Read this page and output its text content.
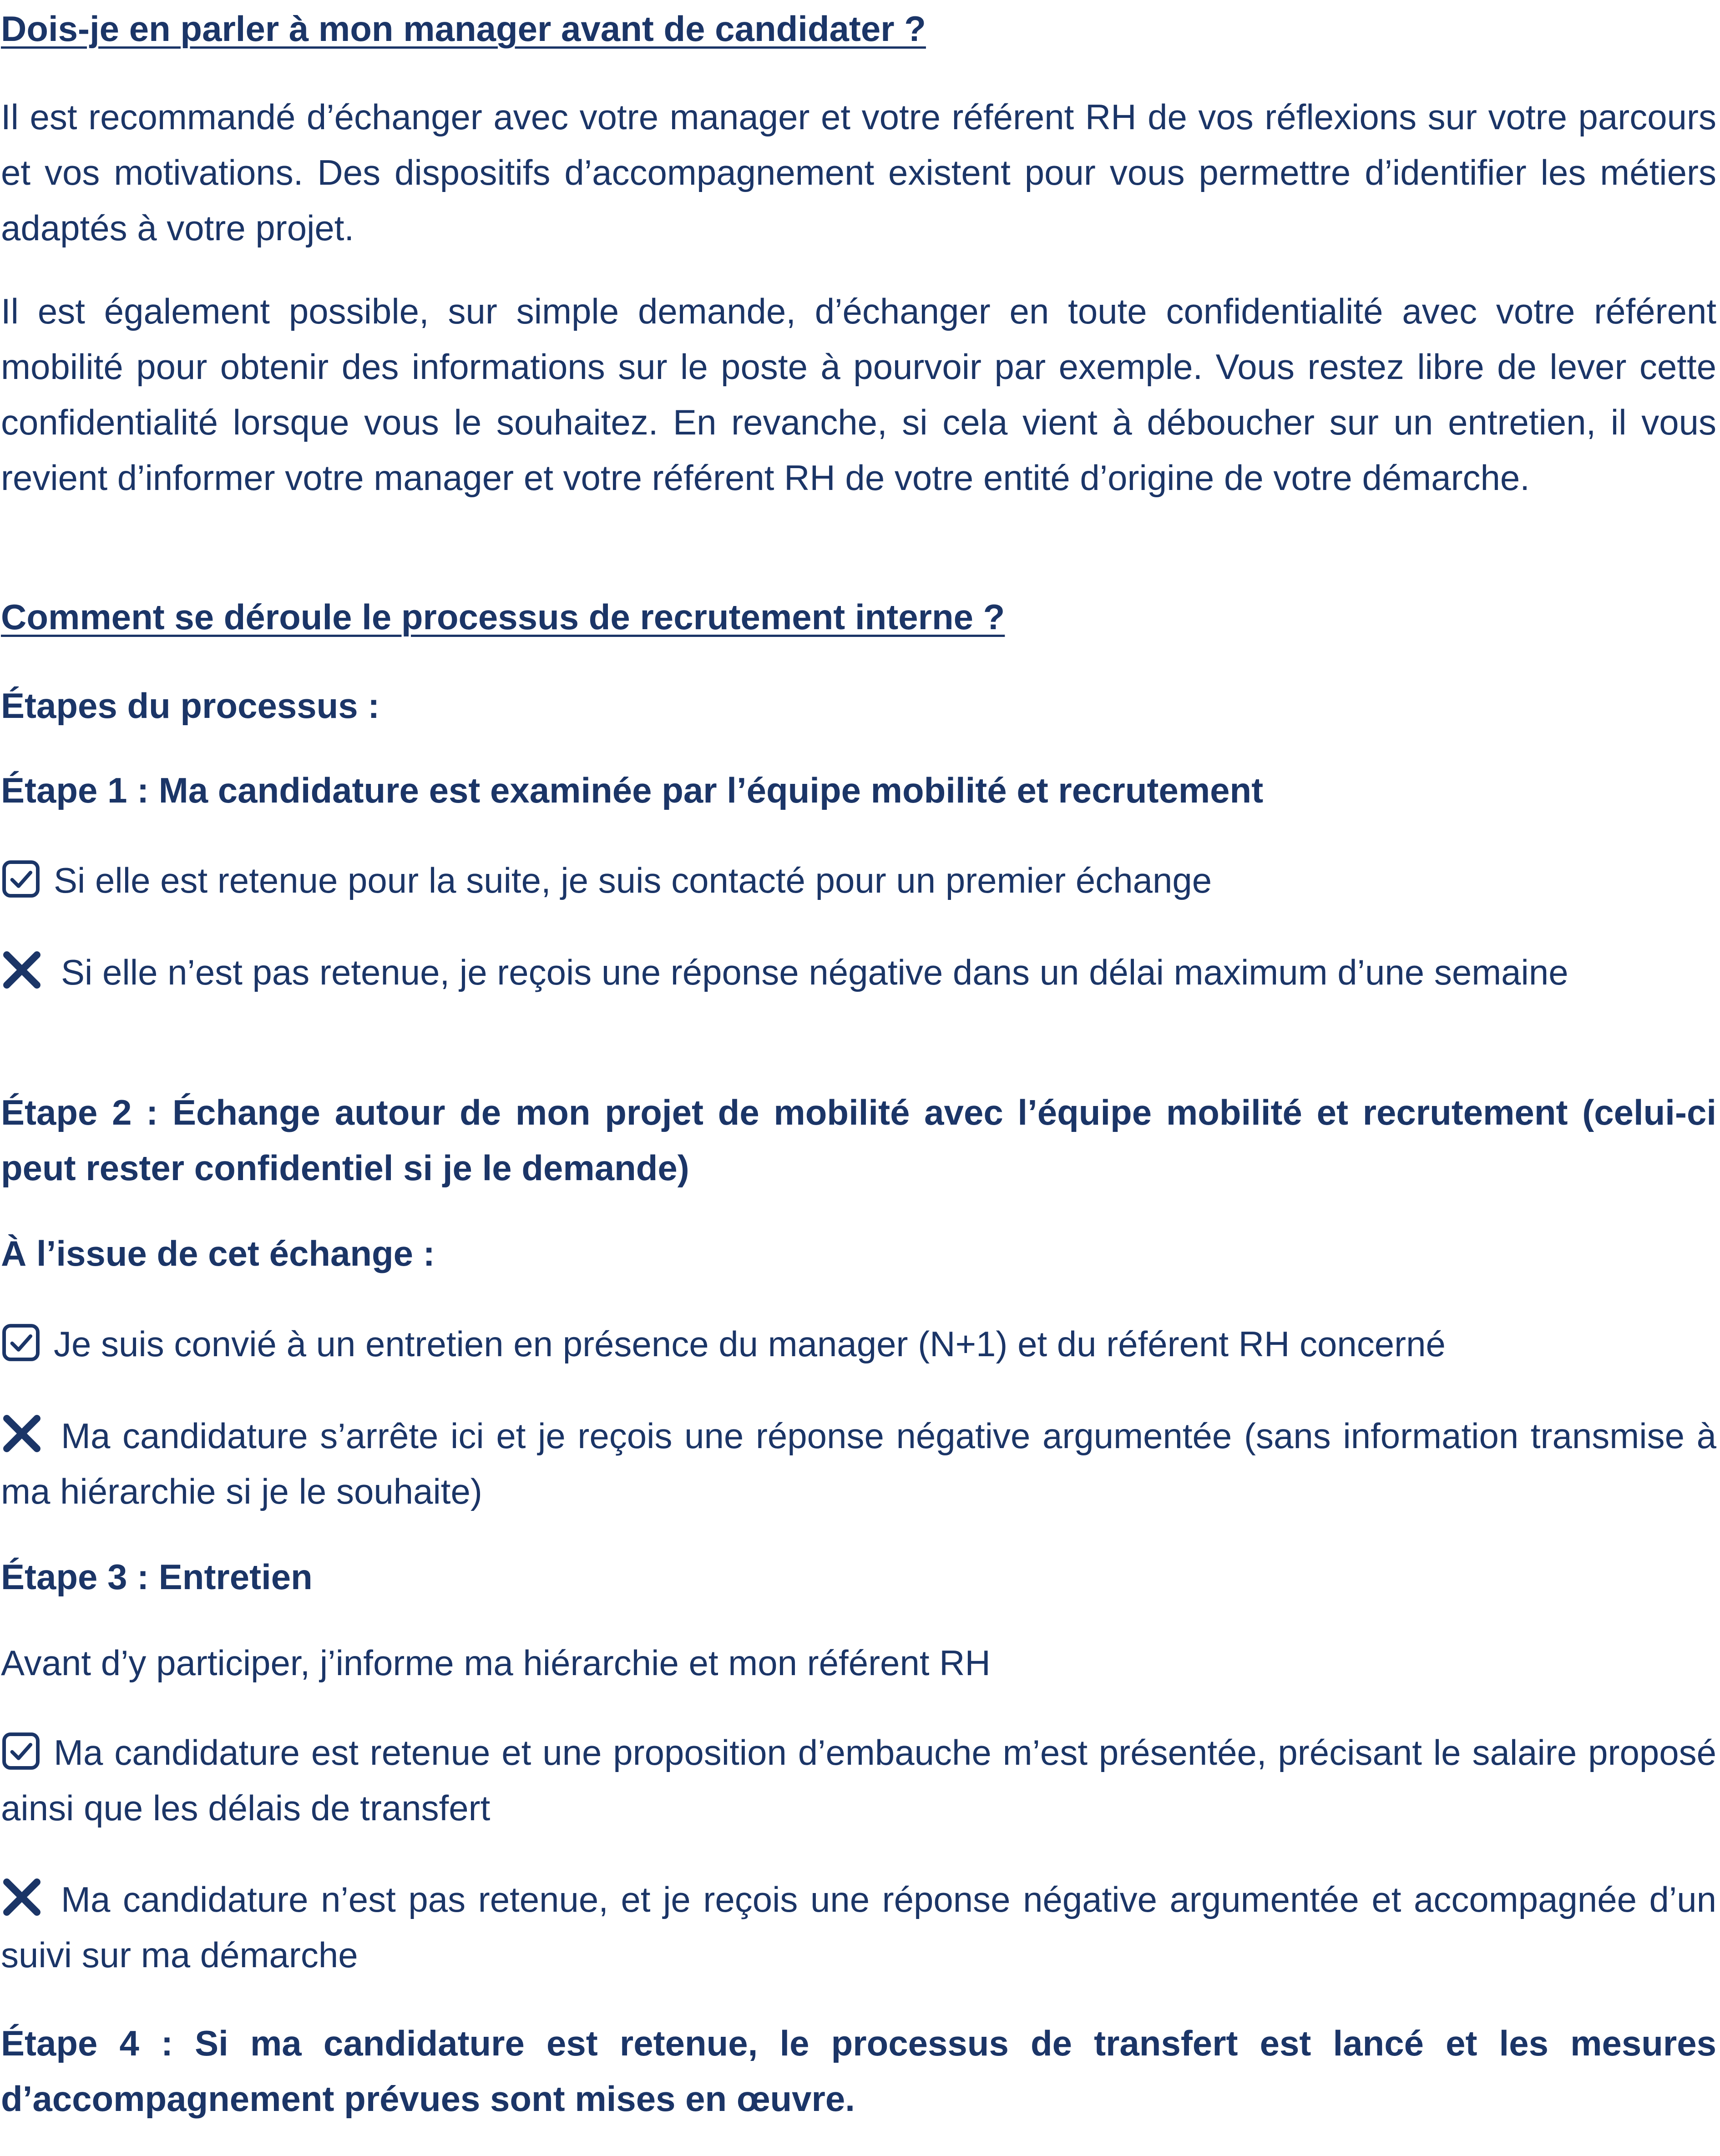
Dois-je en parler à mon manager avant de candidater ?

Il est recommandé d’échanger avec votre manager et votre référent RH de vos réflexions sur votre parcours et vos motivations. Des dispositifs d’accompagnement existent pour vous permettre d’identifier les métiers adaptés à votre projet.

Il est également possible, sur simple demande, d’échanger en toute confidentialité avec votre référent mobilité pour obtenir des informations sur le poste à pourvoir par exemple. Vous restez libre de lever cette confidentialité lorsque vous le souhaitez. En revanche, si cela vient à déboucher sur un entretien, il vous revient d’informer votre manager et votre référent RH de votre entité d’origine de votre démarche.

Comment se déroule le processus de recrutement interne ?

Étapes du processus :

Étape 1 : Ma candidature est examinée par l’équipe mobilité et recrutement

Si elle est retenue pour la suite, je suis contacté pour un premier échange

Si elle n’est pas retenue, je reçois une réponse négative dans un délai maximum d’une semaine

Étape 2 : Échange autour de mon projet de mobilité avec l’équipe mobilité et recrutement (celui-ci peut rester confidentiel si je le demande)

À l’issue de cet échange :

Je suis convié à un entretien en présence du manager (N+1) et du référent RH concerné

Ma candidature s’arrête ici et je reçois une réponse négative argumentée (sans information transmise à ma hiérarchie si je le souhaite)

Étape 3 : Entretien

Avant d’y participer, j’informe ma hiérarchie et mon référent RH

Ma candidature est retenue et une proposition d’embauche m’est présentée, précisant le salaire proposé ainsi que les délais de transfert

Ma candidature n’est pas retenue, et je reçois une réponse négative argumentée et accompagnée d’un suivi sur ma démarche

Étape 4 : Si ma candidature est retenue, le processus de transfert est lancé et les mesures d’accompagnement prévues sont mises en œuvre.
